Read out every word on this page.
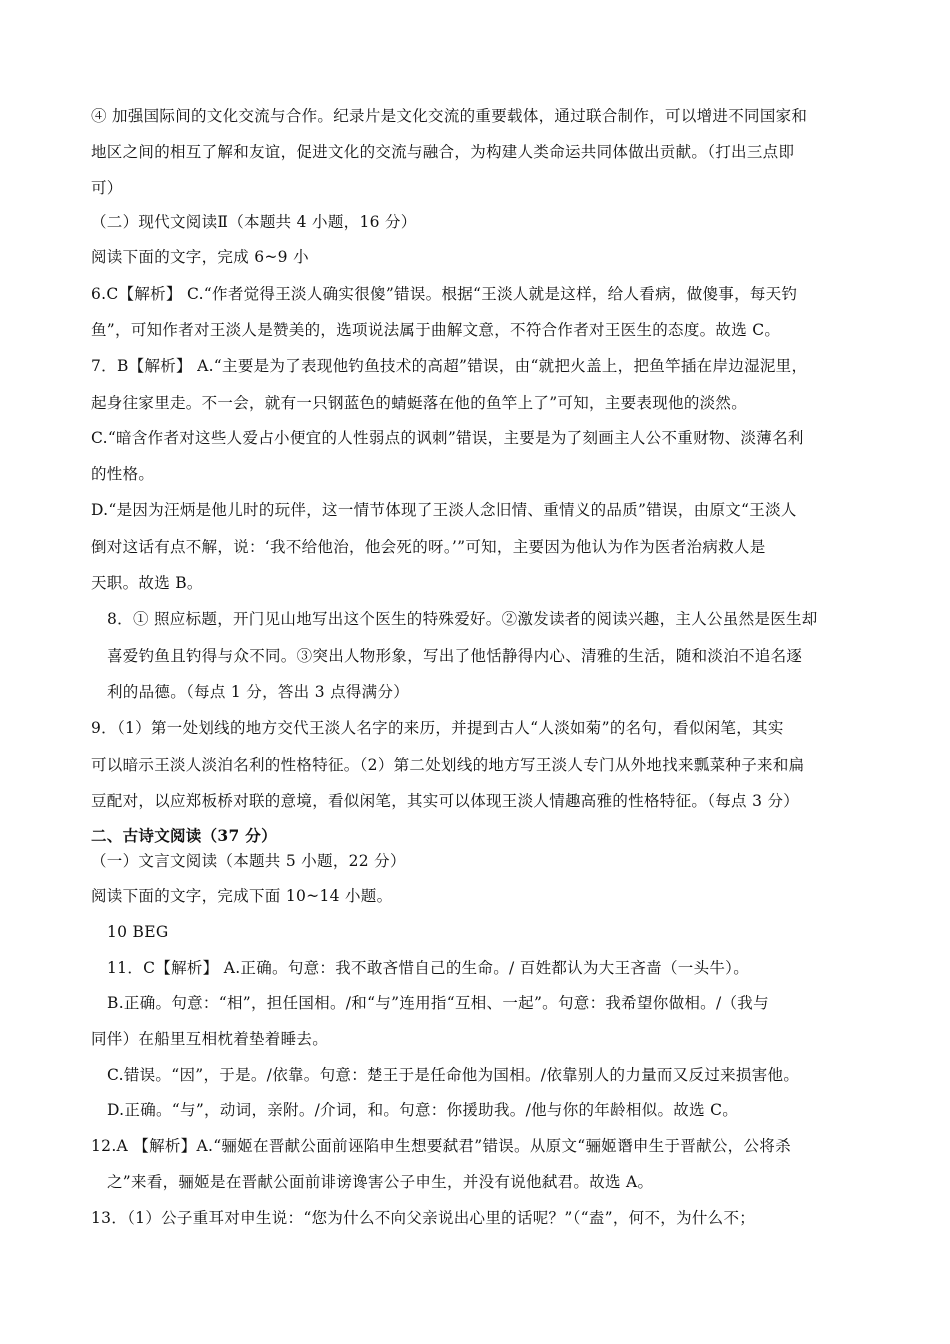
④ 加强国际间的文化交流与合作。纪录片是文化交流的重要载体，通过联合制作，可以增进不同国家和
地区之间的相互了解和友谊，促进文化的交流与融合，为构建人类命运共同体做出贡献。（打出三点即
可）
（二）现代文阅读Ⅱ（本题共 4 小题，16 分）
阅读下面的文字，完成 6~9 小
6.C【解析】 C.“作者觉得王淡人确实很傻”错误。根据“王淡人就是这样，给人看病，做傻事，每天钓
鱼”，可知作者对王淡人是赞美的，选项说法属于曲解文意，不符合作者对王医生的态度。故选 C。
7．B【解析】 A.“主要是为了表现他钓鱼技术的高超”错误，由“就把火盖上，把鱼竿插在岸边湿泥里，
起身往家里走。不一会，就有一只钢蓝色的蜻蜓落在他的鱼竿上了”可知，主要表现他的淡然。
C.“暗含作者对这些人爱占小便宜的人性弱点的讽刺”错误，主要是为了刻画主人公不重财物、淡薄名利
的性格。
D.“是因为汪炳是他儿时的玩伴，这一情节体现了王淡人念旧情、重情义的品质”错误，由原文“王淡人
倒对这话有点不解，说：‘我不给他治，他会死的呀。’”可知，主要因为他认为作为医者治病救人是
天职。故选 B。
8．① 照应标题，开门见山地写出这个医生的特殊爱好。②激发读者的阅读兴趣，主人公虽然是医生却
喜爱钓鱼且钓得与众不同。③突出人物形象，写出了他恬静得内心、清雅的生活，随和淡泊不追名逐
利的品德。（每点 1 分，答出 3 点得满分）
9．（1）第一处划线的地方交代王淡人名字的来历，并提到古人“人淡如菊”的名句，看似闲笔，其实
可以暗示王淡人淡泊名利的性格特征。（2）第二处划线的地方写王淡人专门从外地找来瓢菜种子来和扁
豆配对，以应郑板桥对联的意境，看似闲笔，其实可以体现王淡人情趣高雅的性格特征。（每点 3 分）
二、古诗文阅读（37 分）
（一）文言文阅读（本题共 5 小题，22 分）
阅读下面的文字，完成下面 10~14 小题。
10 BEG
11．C【解析】 A.正确。句意：我不敢吝惜自己的生命。/ 百姓都认为大王吝啬（一头牛）。
B.正确。句意：“相”，担任国相。/和“与”连用指“互相、一起”。句意：我希望你做相。/（我与
同伴）在船里互相枕着垫着睡去。
C.错误。“因”，于是。/依靠。句意：楚王于是任命他为国相。/依靠别人的力量而又反过来损害他。
D.正确。“与”，动词，亲附。/介词，和。句意：你援助我。/他与你的年龄相似。故选 C。
12.A 【解析】A.“骊姬在晋献公面前诬陷申生想要弑君”错误。从原文“骊姬谮申生于晋献公，公将杀
之”来看，骊姬是在晋献公面前诽谤谗害公子申生，并没有说他弑君。故选 A。
13．（1）公子重耳对申生说：“您为什么不向父亲说出心里的话呢？”（“盍”，何不，为什么不；
